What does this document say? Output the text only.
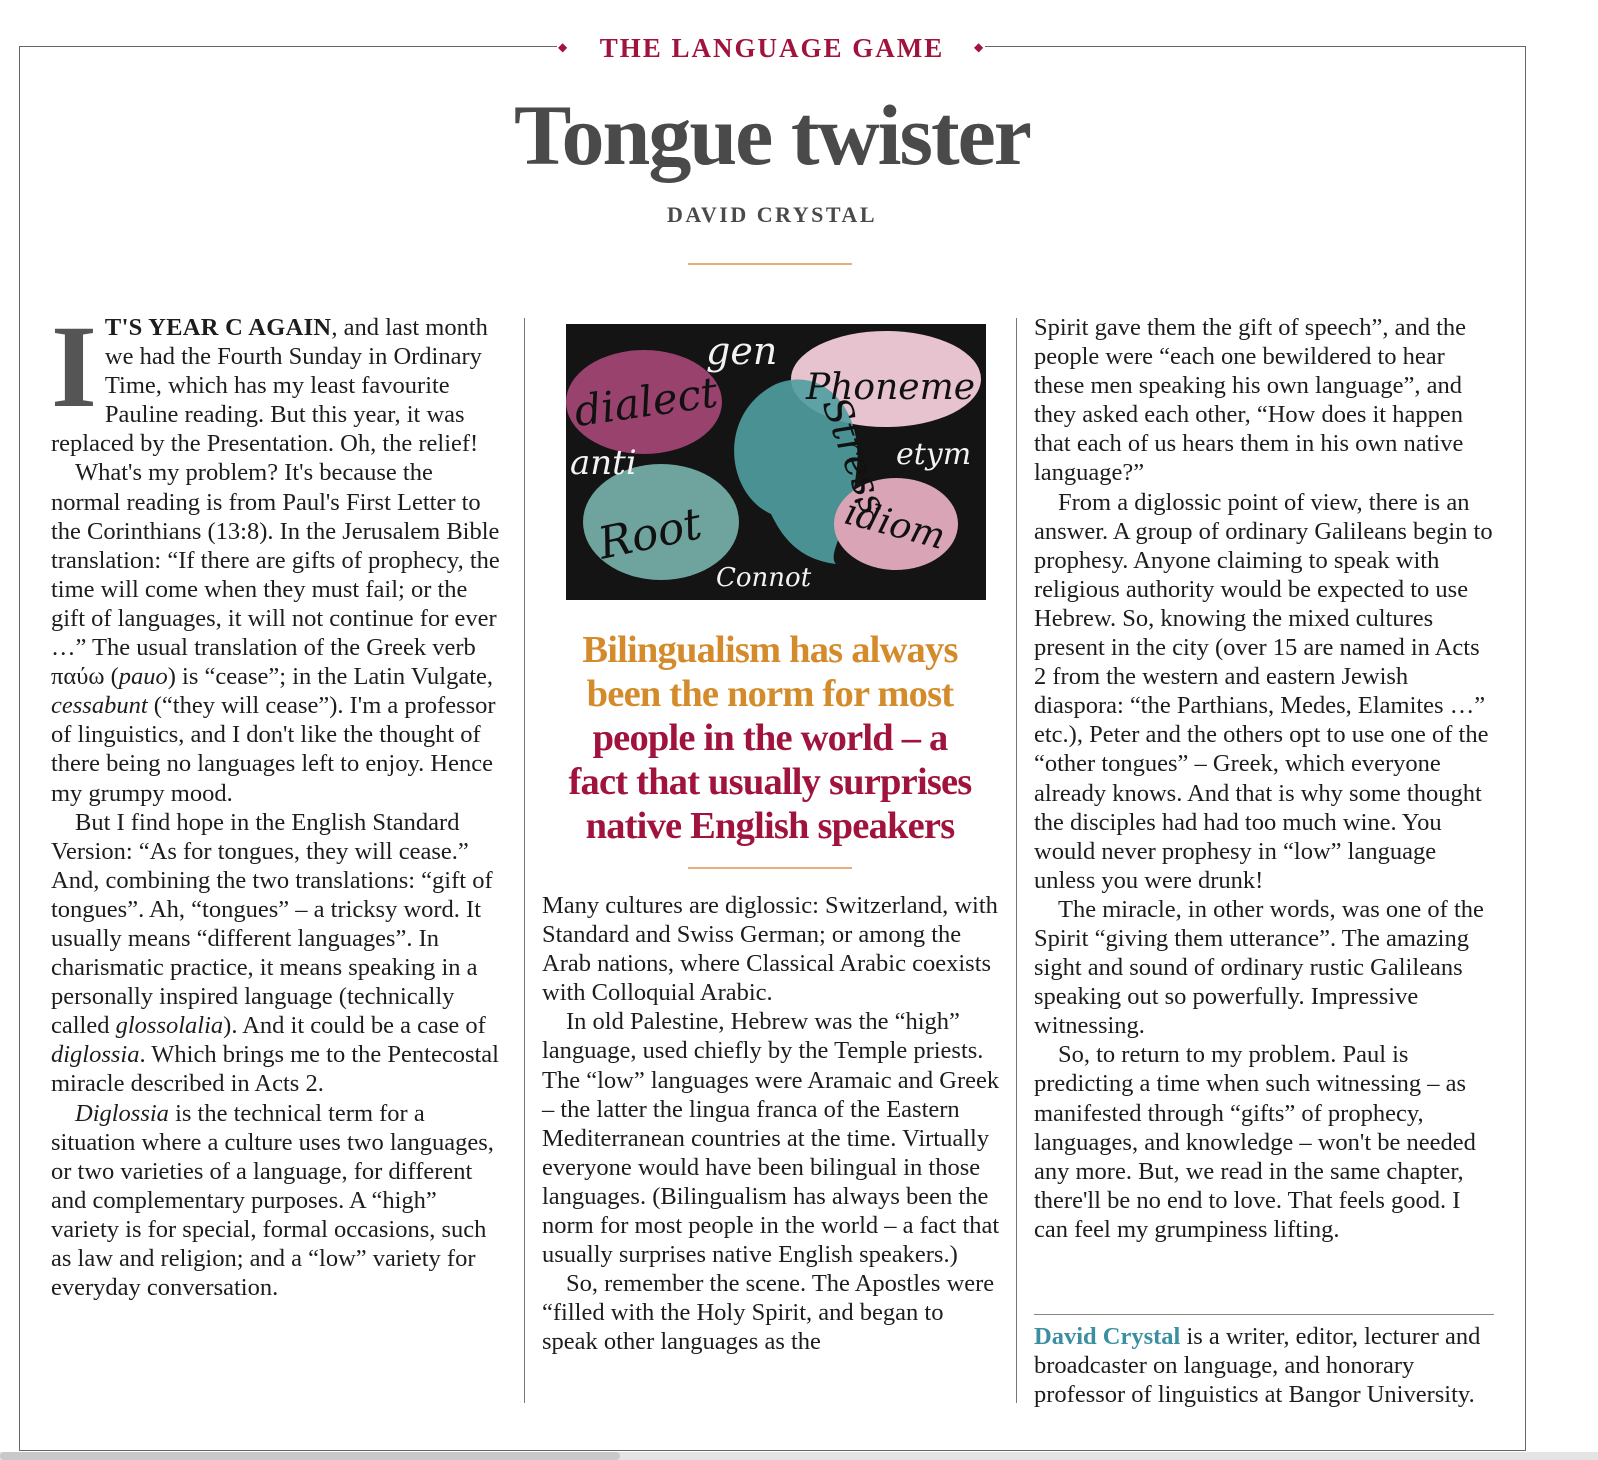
◆	◆
THE LANGUAGE GAME
Tongue twister
DAVID CRYSTAL

I T'S YEAR C AGAIN, and last month we had the Fourth Sunday in Ordinary Time, which has my least favourite Pauline reading. But this year, it was replaced by the Presentation. Oh, the relief!

What's my problem? It's because the normal reading is from Paul's First Letter to the Corinthians (13:8). In the Jerusalem Bible translation: “If there are gifts of prophecy, the time will come when they must fail; or the gift of languages, it will not continue for ever …” The usual translation of the Greek verb παύω (pauo) is “cease”; in the Latin Vulgate, cessabunt (“they will cease”). I'm a professor of linguistics, and I don't like the thought of there being no languages left to enjoy. Hence my grumpy mood.

But I find hope in the English Standard Version: “As for tongues, they will cease.” And, combining the two translations: “gift of tongues”. Ah, “tongues” – a tricksy word. It usually means “different languages”. In charismatic practice, it means speaking in a personally inspired language (technically called glossolalia). And it could be a case of diglossia. Which brings me to the Pentecostal miracle described in Acts 2.

Diglossia is the technical term for a situation where a culture uses two languages, or two varieties of a language, for different and complementary purposes. A “high” variety is for special, formal occasions, such as law and religion; and a “low” variety for everyday conversation.

dialect
gen
Phoneme
Stress
anti	etym
Root	idiom
Connot
Bilingualism has always
been the norm for most
people in the world – a
fact that usually surprises
native English speakers

Many cultures are diglossic: Switzerland, with Standard and Swiss German; or among the Arab nations, where Classical Arabic coexists with Colloquial Arabic.

In old Palestine, Hebrew was the “high” language, used chiefly by the Temple priests. The “low” languages were Aramaic and Greek – the latter the lingua franca of the Eastern Mediterranean countries at the time. Virtually everyone would have been bilingual in those languages. (Bilingualism has always been the norm for most people in the world – a fact that usually surprises native English speakers.)

So, remember the scene. The Apostles were “filled with the Holy Spirit, and began to speak other languages as the

Spirit gave them the gift of speech”, and the people were “each one bewildered to hear these men speaking his own language”, and they asked each other, “How does it happen that each of us hears them in his own native language?”

From a diglossic point of view, there is an answer. A group of ordinary Galileans begin to prophesy. Anyone claiming to speak with religious authority would be expected to use Hebrew. So, knowing the mixed cultures present in the city (over 15 are named in Acts 2 from the western and eastern Jewish diaspora: “the Parthians, Medes, Elamites …” etc.), Peter and the others opt to use one of the “other tongues” – Greek, which everyone already knows. And that is why some thought the disciples had had too much wine. You would never prophesy in “low” language unless you were drunk!

The miracle, in other words, was one of the Spirit “giving them utterance”. The amazing sight and sound of ordinary rustic Galileans speaking out so powerfully. Impressive witnessing.

So, to return to my problem. Paul is predicting a time when such witnessing – as manifested through “gifts” of prophecy, languages, and knowledge – won't be needed any more. But, we read in the same chapter, there'll be no end to love. That feels good. I can feel my grumpiness lifting.

David Crystal is a writer, editor, lecturer and broadcaster on language, and honorary professor of linguistics at Bangor University.
